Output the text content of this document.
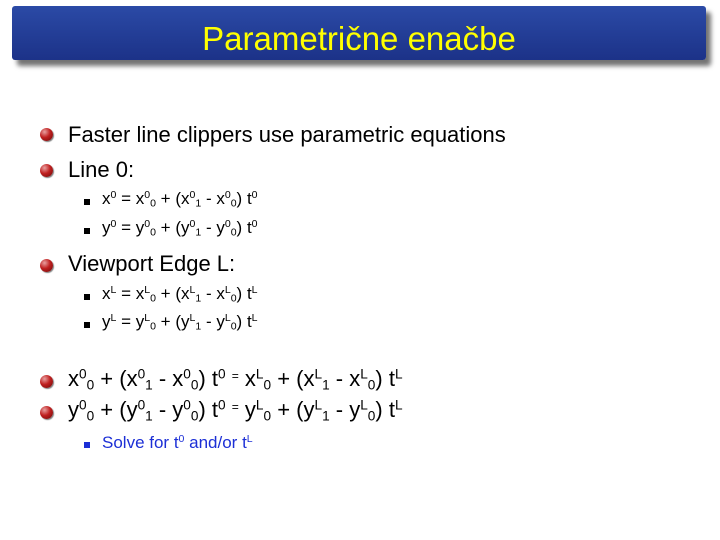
Parametrične enačbe
Faster line clippers use parametric equations
Line 0:
$x^0 = x^0_0 + (x^0_1 - x^0_0)$ $t^0$
$y^0 = y^0_0 + (y^0_1 - y^0_0)$ $t^0$
Viewport Edge L:
$x^L = x^L_0 + (x^L_1 - x^L_0)$ $t^L$
$y^L = y^L_0 + (y^L_1 - y^L_0)$ $t^L$
$x^0_0 + (x^0_1 - x^0_0)$ $t^0$ = $x^L_0 + (x^L_1 - x^L_0)$ $t^L$
$y^0_0 + (y^0_1 - y^0_0)$ $t^0$ = $y^L_0 + (y^L_1 - y^L_0)$ $t^L$
Solve for $t^0$ and/or $t^L$
